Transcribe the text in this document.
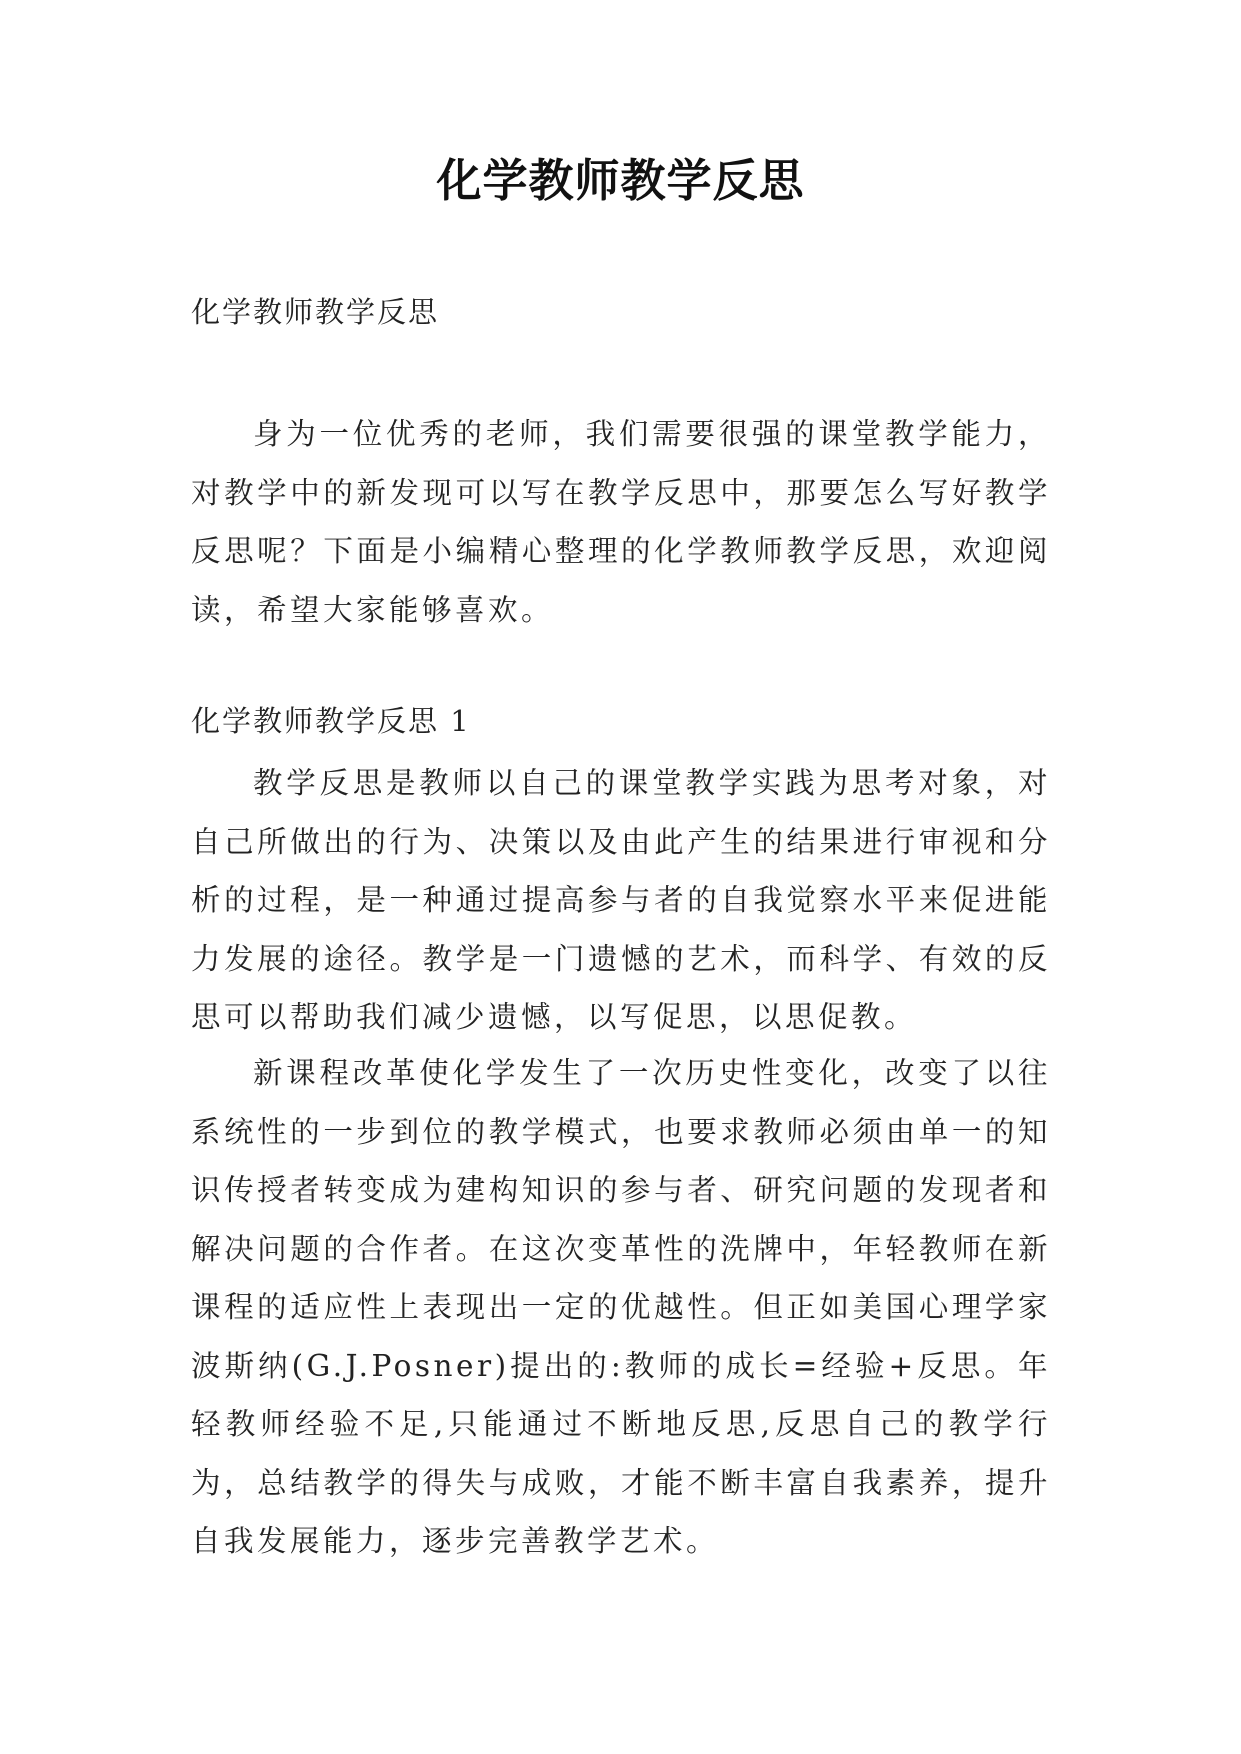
化学教师教学反思
化学教师教学反思

身为一位优秀的老师，我们需要很强的课堂教学能力，对教学中的新发现可以写在教学反思中，那要怎么写好教学反思呢？下面是小编精心整理的化学教师教学反思，欢迎阅读，希望大家能够喜欢。

化学教师教学反思 1

教学反思是教师以自己的课堂教学实践为思考对象，对自己所做出的行为、决策以及由此产生的结果进行审视和分析的过程，是一种通过提高参与者的自我觉察水平来促进能力发展的途径。教学是一门遗憾的艺术，而科学、有效的反思可以帮助我们减少遗憾，以写促思，以思促教。

新课程改革使化学发生了一次历史性变化，改变了以往系统性的一步到位的教学模式，也要求教师必须由单一的知识传授者转变成为建构知识的参与者、研究问题的发现者和解决问题的合作者。在这次变革性的洗牌中，年轻教师在新课程的适应性上表现出一定的优越性。但正如美国心理学家波斯纳(G.J.Posner)提出的:教师的成长=经验+反思。年轻教师经验不足,只能通过不断地反思,反思自己的教学行为，总结教学的得失与成败，才能不断丰富自我素养，提升自我发展能力，逐步完善教学艺术。
